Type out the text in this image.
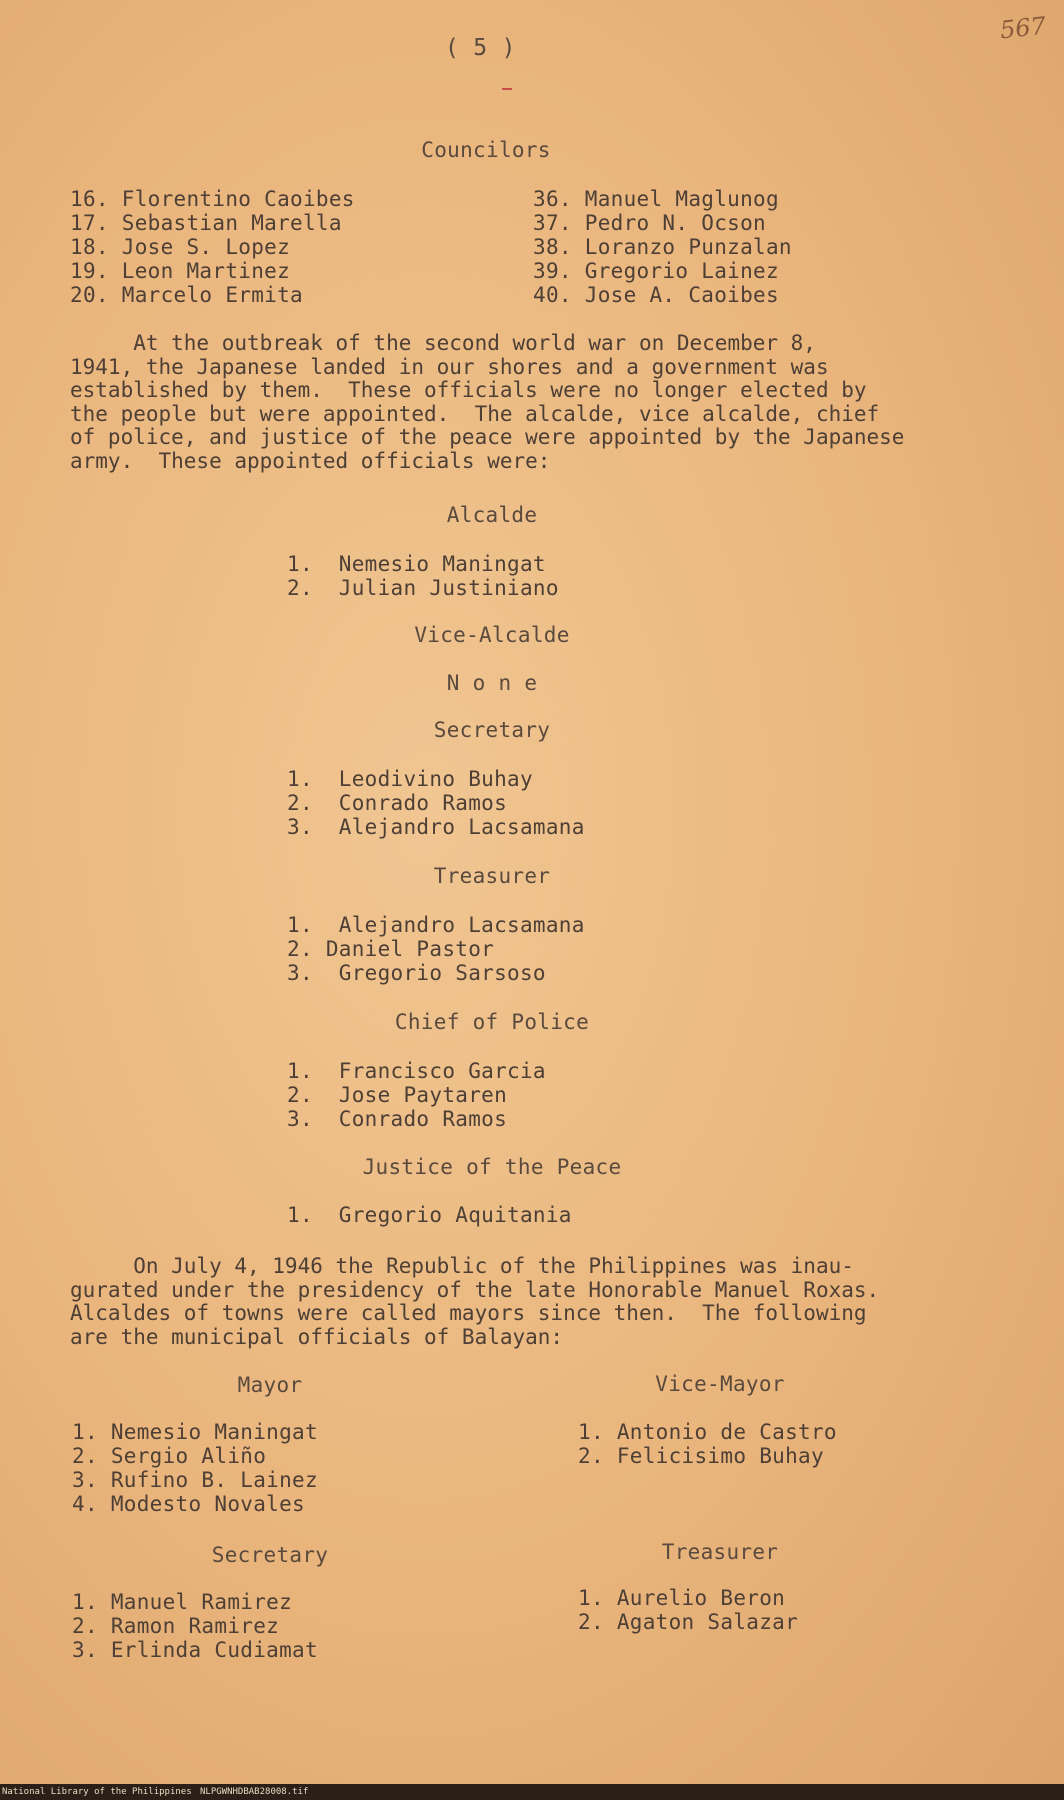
( 5 )
567
Councilors
16. Florentino Caoibes
17. Sebastian Marella
18. Jose S. Lopez
19. Leon Martinez
20. Marcelo Ermita
36. Manuel Maglunog
37. Pedro N. Ocson
38. Loranzo Punzalan
39. Gregorio Lainez
40. Jose A. Caoibes
At the outbreak of the second world war on December 8,
1941, the Japanese landed in our shores and a government was
established by them.  These officials were no longer elected by
the people but were appointed.  The alcalde, vice alcalde, chief
of police, and justice of the peace were appointed by the Japanese
army.  These appointed officials were:
Alcalde
1.  Nemesio Maningat
2.  Julian Justiniano
Vice-Alcalde
N o n e
Secretary
1.  Leodivino Buhay
2.  Conrado Ramos
3.  Alejandro Lacsamana
Treasurer
1.  Alejandro Lacsamana
2. Daniel Pastor
3.  Gregorio Sarsoso
Chief of Police
1.  Francisco Garcia
2.  Jose Paytaren
3.  Conrado Ramos
Justice of the Peace
1.  Gregorio Aquitania
On July 4, 1946 the Republic of the Philippines was inau-
gurated under the presidency of the late Honorable Manuel Roxas.
Alcaldes of towns were called mayors since then.  The following
are the municipal officials of Balayan:
Mayor
1. Nemesio Maningat
2. Sergio Aliño
3. Rufino B. Lainez
4. Modesto Novales
Vice-Mayor
1. Antonio de Castro
2. Felicisimo Buhay
Secretary
1. Manuel Ramirez
2. Ramon Ramirez
3. Erlinda Cudiamat
Treasurer
1. Aurelio Beron
2. Agaton Salazar
National Library of the Philippines NLPGWNHDBAB28008.tif
